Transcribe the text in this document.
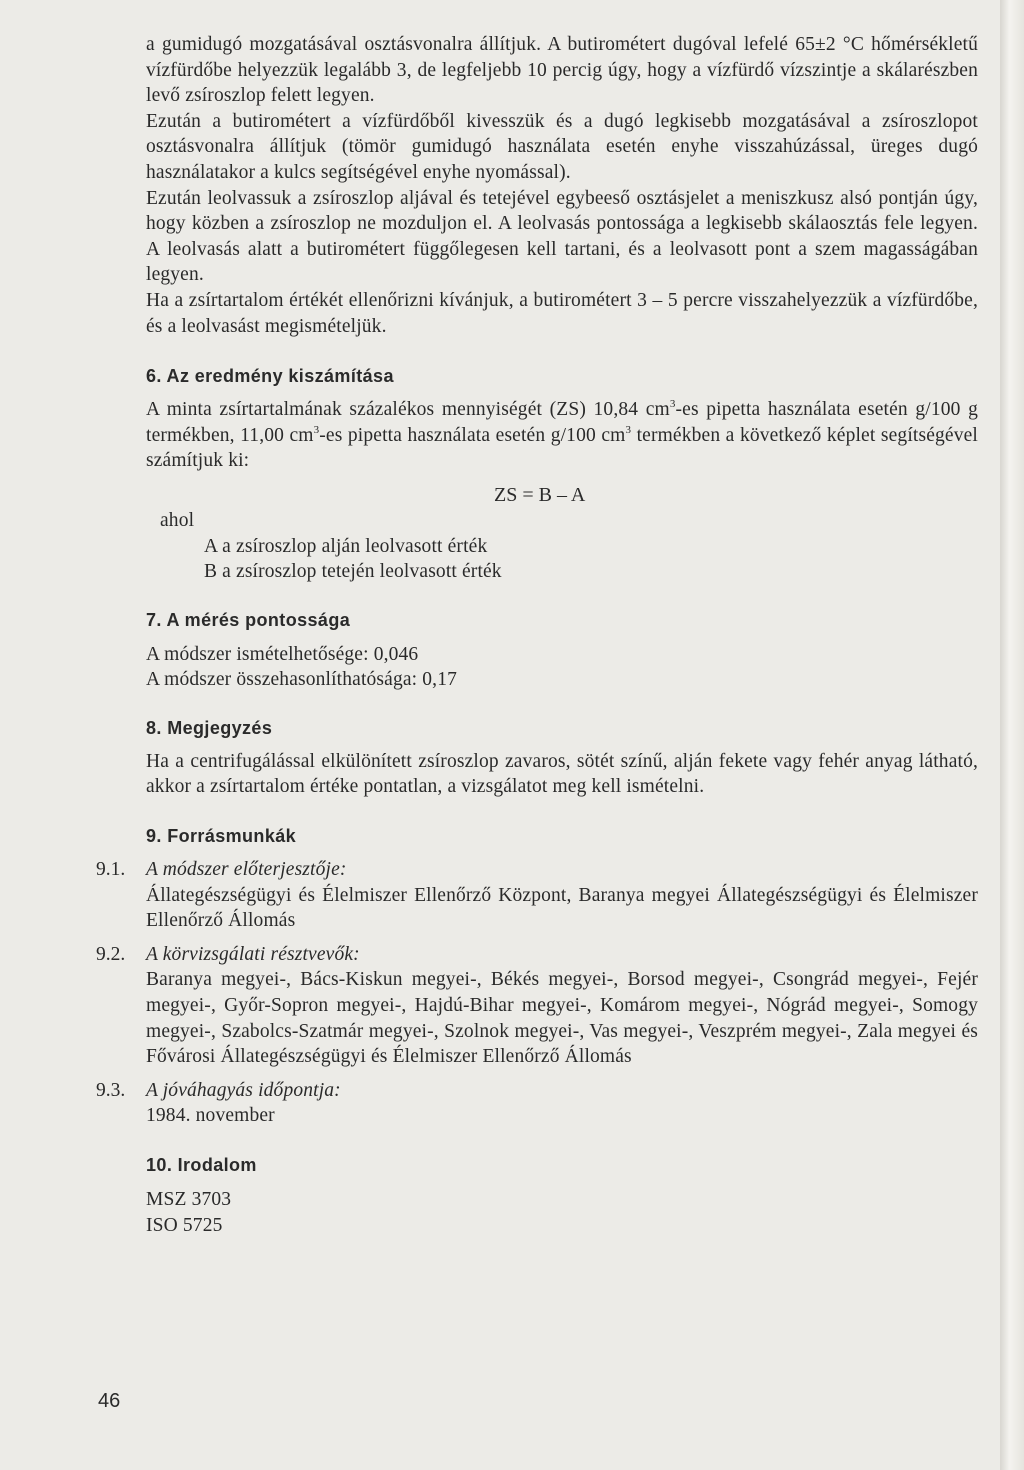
a gumidugó mozgatásával osztásvonalra állítjuk. A butirométert dugóval lefelé 65±2 °C hőmérsékletű vízfürdőbe helyezzük legalább 3, de legfeljebb 10 percig úgy, hogy a vízfürdő vízszintje a skálarészben levő zsíroszlop felett legyen.

Ezután a butirométert a vízfürdőből kivesszük és a dugó legkisebb mozgatásával a zsíroszlopot osztásvonalra állítjuk (tömör gumidugó használata esetén enyhe visszahúzással, üreges dugó használatakor a kulcs segítségével enyhe nyomással).

Ezután leolvassuk a zsíroszlop aljával és tetejével egybeeső osztásjelet a meniszkusz alsó pontján úgy, hogy közben a zsíroszlop ne mozduljon el. A leolvasás pontossága a legkisebb skálaosztás fele legyen. A leolvasás alatt a butirométert függőlegesen kell tartani, és a leolvasott pont a szem magasságában legyen.

Ha a zsírtartalom értékét ellenőrizni kívánjuk, a butirométert 3 – 5 percre visszahelyezzük a vízfürdőbe, és a leolvasást megismételjük.

6. Az eredmény kiszámítása

A minta zsírtartalmának százalékos mennyiségét (ZS) 10,84 $cm^3-es$ pipetta használata esetén g/100 g termékben, 11,00 $cm^3-es$ pipetta használata esetén g/100 $cm^3$ termékben a következő képlet segítségével számítjuk ki:

ZS = B – A

ahol

A a zsíroszlop alján leolvasott érték

B a zsíroszlop tetején leolvasott érték

7. A mérés pontossága

A módszer ismételhetősége: 0,046

A módszer összehasonlíthatósága: 0,17

8. Megjegyzés

Ha a centrifugálással elkülönített zsíroszlop zavaros, sötét színű, alján fekete vagy fehér anyag látható, akkor a zsírtartalom értéke pontatlan, a vizsgálatot meg kell ismételni.

9. Forrásmunkák

9.1. A módszer előterjesztője:

Állategészségügyi és Élelmiszer Ellenőrző Központ, Baranya megyei Állategészségügyi és Élelmiszer Ellenőrző Állomás

9.2. A körvizsgálati résztvevők:

Baranya megyei-, Bács-Kiskun megyei-, Békés megyei-, Borsod megyei-, Csongrád megyei-, Fejér megyei-, Győr-Sopron megyei-, Hajdú-Bihar megyei-, Komárom megyei-, Nógrád megyei-, Somogy megyei-, Szabolcs-Szatmár megyei-, Szolnok megyei-, Vas megyei-, Veszprém megyei-, Zala megyei és Fővárosi Állategészségügyi és Élelmiszer Ellenőrző Állomás

9.3. A jóváhagyás időpontja:

1984. november

10. Irodalom

MSZ 3703

ISO 5725

46
